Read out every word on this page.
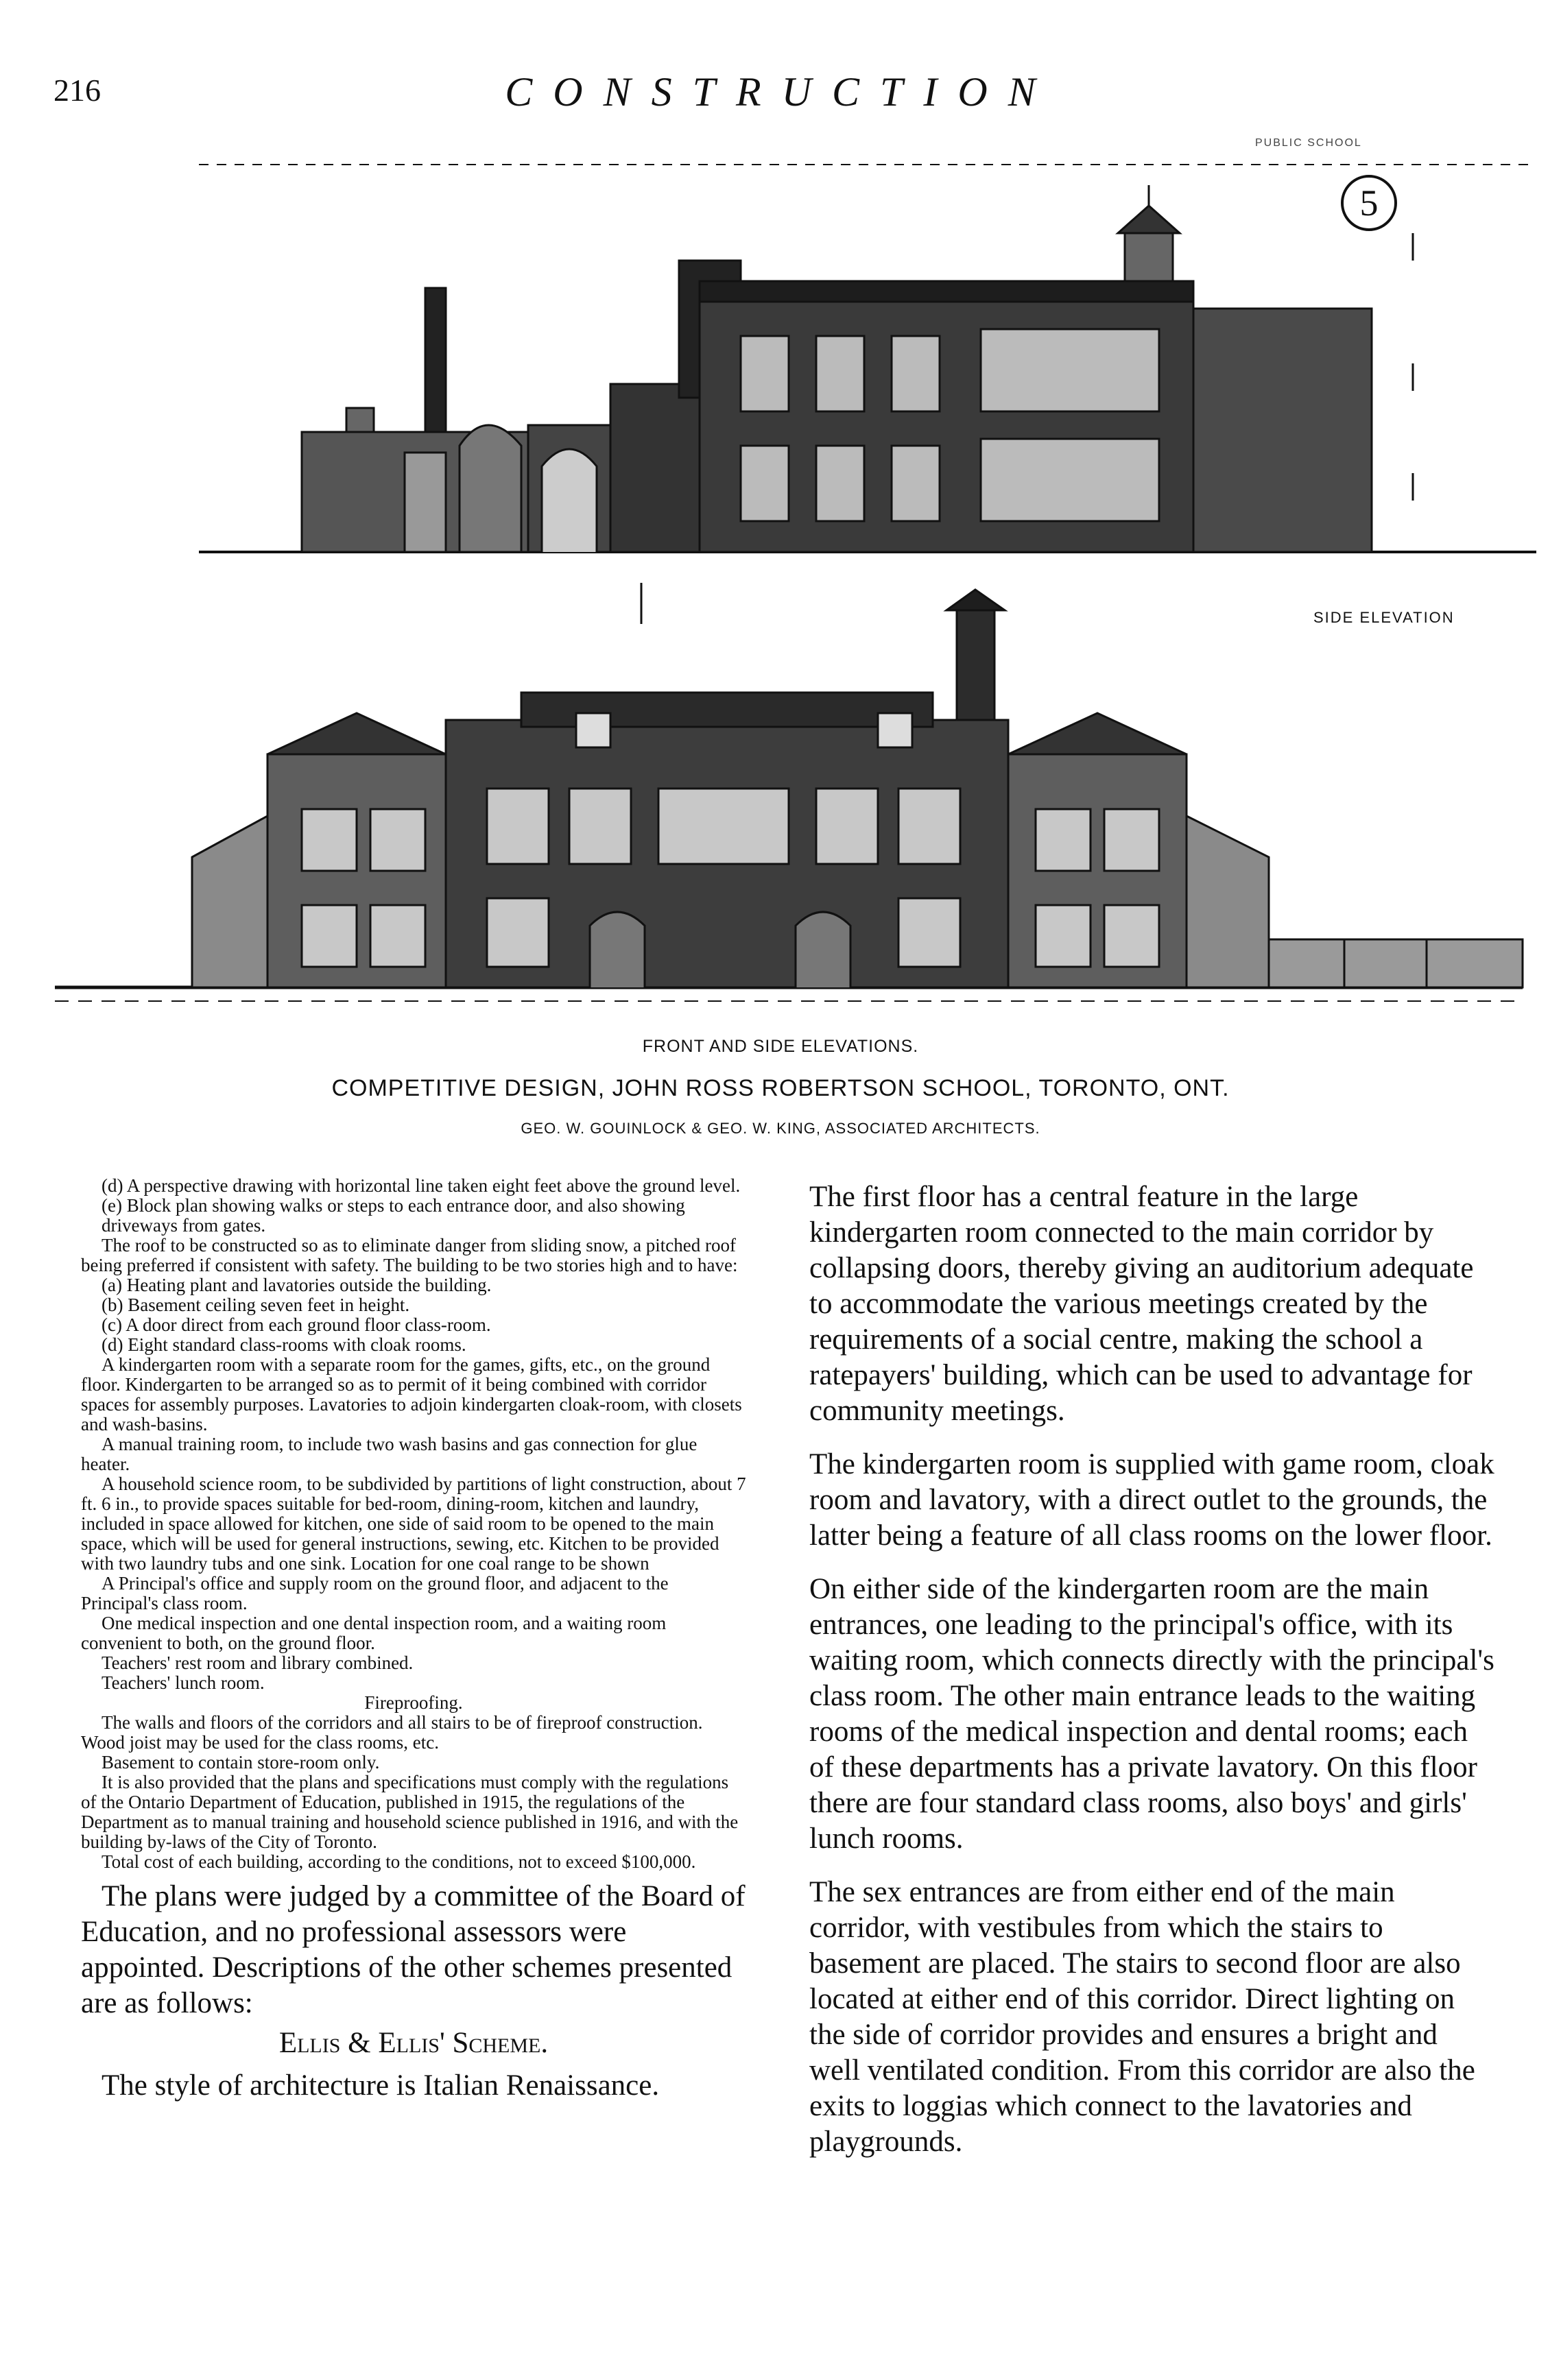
216	CONSTRUCTION
PUBLIC SCHOOL
5
SIDE ELEVATION
FRONT AND SIDE ELEVATIONS.
COMPETITIVE DESIGN, JOHN ROSS ROBERTSON SCHOOL, TORONTO, ONT.
GEO. W. GOUINLOCK & GEO. W. KING, ASSOCIATED ARCHITECTS.

(d) A perspective drawing with horizontal line taken eight feet above the ground level.

(e) Block plan showing walks or steps to each entrance door, and also showing driveways from gates.

The roof to be constructed so as to eliminate danger from sliding snow, a pitched roof being preferred if consistent with safety. The building to be two stories high and to have:

(a) Heating plant and lavatories outside the building.

(b) Basement ceiling seven feet in height.

(c) A door direct from each ground floor class-room.

(d) Eight standard class-rooms with cloak rooms.

A kindergarten room with a separate room for the games, gifts, etc., on the ground floor. Kindergarten to be arranged so as to permit of it being combined with corridor spaces for assembly purposes. Lavatories to adjoin kindergarten cloak-room, with closets and wash-basins.

A manual training room, to include two wash basins and gas connection for glue heater.

A household science room, to be subdivided by partitions of light construction, about 7 ft. 6 in., to provide spaces suitable for bed-room, dining-room, kitchen and laundry, included in space allowed for kitchen, one side of said room to be opened to the main space, which will be used for general instructions, sewing, etc. Kitchen to be provided with two laundry tubs and one sink. Location for one coal range to be shown

A Principal's office and supply room on the ground floor, and adjacent to the Principal's class room.

One medical inspection and one dental inspection room, and a waiting room convenient to both, on the ground floor.

Teachers' rest room and library combined.

Teachers' lunch room.

Fireproofing.

The walls and floors of the corridors and all stairs to be of fireproof construction. Wood joist may be used for the class rooms, etc.

Basement to contain store-room only.

It is also provided that the plans and specifications must comply with the regulations of the Ontario Department of Education, published in 1915, the regulations of the Department as to manual training and household science published in 1916, and with the building by-laws of the City of Toronto.

Total cost of each building, according to the conditions, not to exceed $100,000.

The plans were judged by a committee of the Board of Education, and no professional assessors were appointed. Descriptions of the other schemes presented are as follows:

Ellis & Ellis' Scheme.

The style of architecture is Italian Renaissance.

The first floor has a central feature in the large kindergarten room connected to the main corridor by collapsing doors, thereby giving an auditorium adequate to accommodate the various meetings created by the requirements of a social centre, making the school a ratepayers' building, which can be used to advantage for community meetings.

The kindergarten room is supplied with game room, cloak room and lavatory, with a direct outlet to the grounds, the latter being a feature of all class rooms on the lower floor.

On either side of the kindergarten room are the main entrances, one leading to the principal's office, with its waiting room, which connects directly with the principal's class room. The other main entrance leads to the waiting rooms of the medical inspection and dental rooms; each of these departments has a private lavatory. On this floor there are four standard class rooms, also boys' and girls' lunch rooms.

The sex entrances are from either end of the main corridor, with vestibules from which the stairs to basement are placed. The stairs to second floor are also located at either end of this corridor. Direct lighting on the side of corridor provides and ensures a bright and well ventilated condition. From this corridor are also the exits to loggias which connect to the lavatories and playgrounds.
